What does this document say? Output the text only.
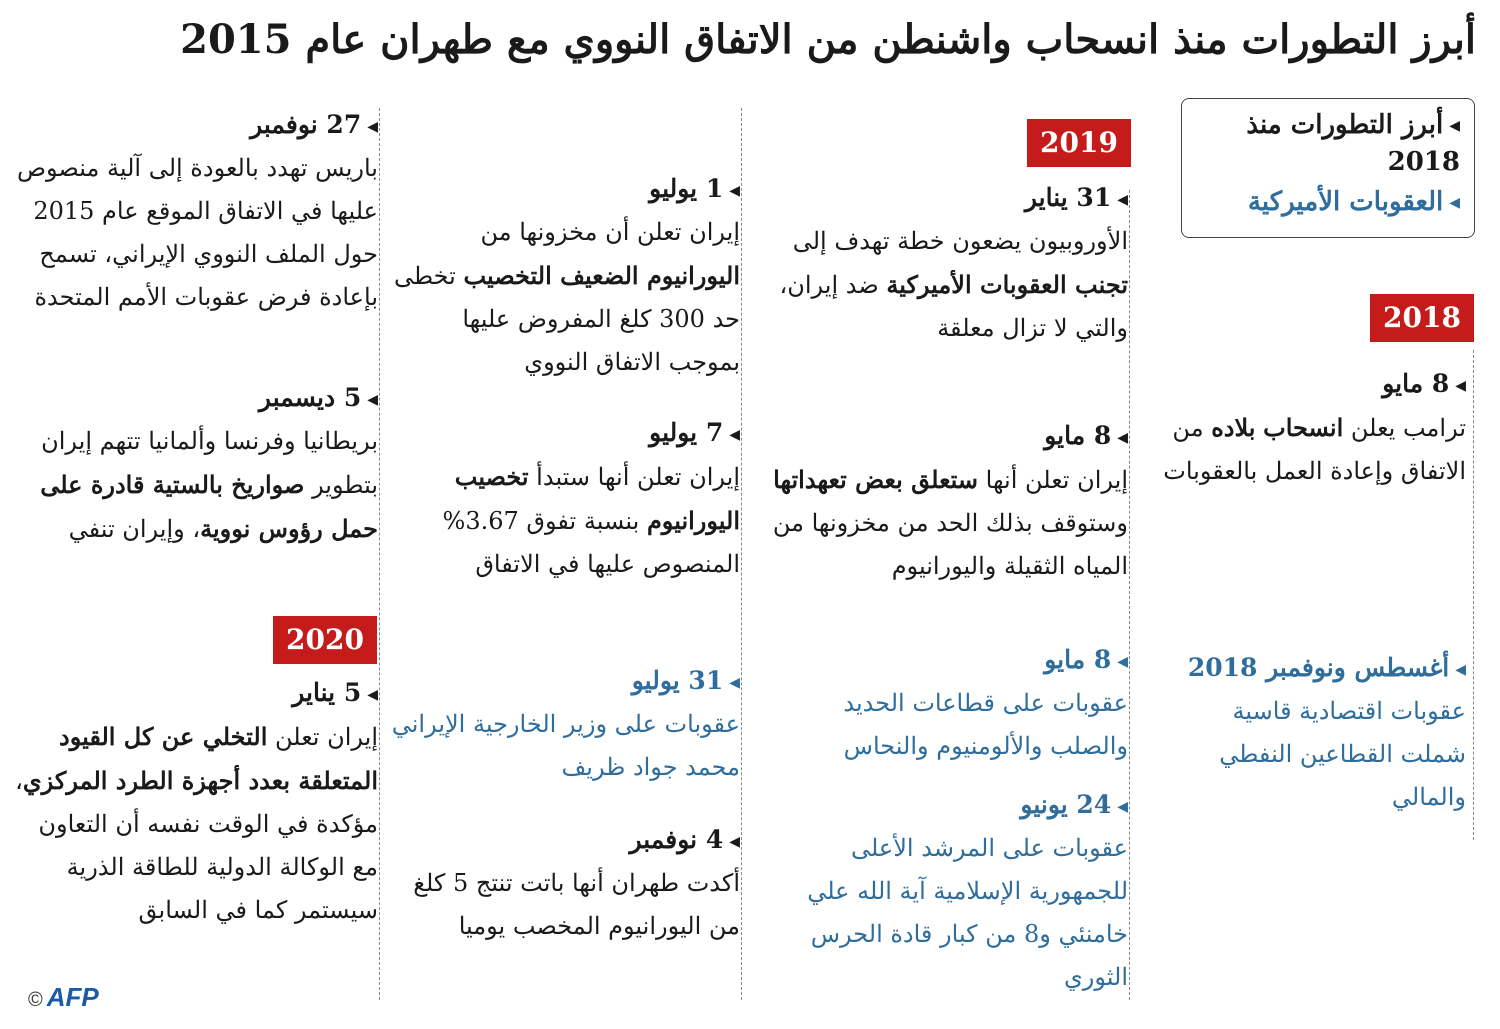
أبرز التطورات منذ انسحاب واشنطن من الاتفاق النووي مع طهران عام 2015
◀أبرز التطورات منذ 2018
◀العقوبات الأميركية
2018
2019
2020
◀8 مايو
ترامب يعلن انسحاب بلاده من الاتفاق وإعادة العمل بالعقوبات
◀أغسطس ونوفمبر 2018
عقوبات اقتصادية قاسية شملت القطاعين النفطي والمالي
◀31 يناير
الأوروبيون يضعون خطة تهدف إلى تجنب العقوبات الأميركية ضد إيران، والتي لا تزال معلقة
◀8 مايو
إيران تعلن أنها ستعلق بعض تعهداتها وستوقف بذلك الحد من مخزونها من المياه الثقيلة واليورانيوم
◀8 مايو
عقوبات على قطاعات الحديد والصلب والألومنيوم والنحاس
◀24 يونيو
عقوبات على المرشد الأعلى للجمهورية الإسلامية آية الله علي خامنئي و8 من كبار قادة الحرس الثوري
◀1 يوليو
إيران تعلن أن مخزونها من اليورانيوم الضعيف التخصيب تخطى حد 300 كلغ المفروض عليها بموجب الاتفاق النووي
◀7 يوليو
إيران تعلن أنها ستبدأ تخصيب اليورانيوم بنسبة تفوق 3.67% المنصوص عليها في الاتفاق
◀31 يوليو
عقوبات على وزير الخارجية الإيراني محمد جواد ظريف
◀4 نوفمبر
أكدت طهران أنها باتت تنتج 5 كلغ من اليورانيوم المخصب يوميا
◀27 نوفمبر
باريس تهدد بالعودة إلى آلية منصوص عليها في الاتفاق الموقع عام 2015 حول الملف النووي الإيراني، تسمح بإعادة فرض عقوبات الأمم المتحدة
◀5 ديسمبر
بريطانيا وفرنسا وألمانيا تتهم إيران بتطوير صواريخ بالستية قادرة على حمل رؤوس نووية، وإيران تنفي
◀5 يناير
إيران تعلن التخلي عن كل القيود المتعلقة بعدد أجهزة الطرد المركزي، مؤكدة في الوقت نفسه أن التعاون مع الوكالة الدولية للطاقة الذرية سيستمر كما في السابق
© AFP
